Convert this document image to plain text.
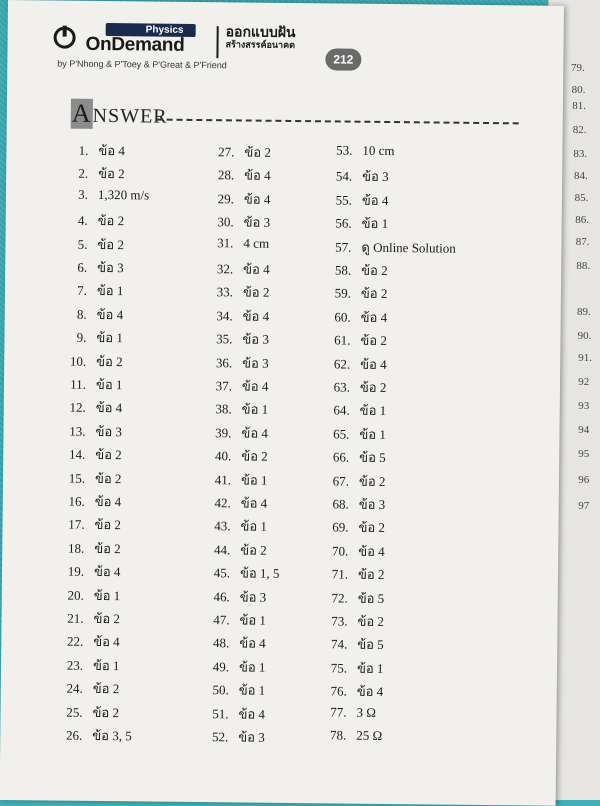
79.
80.
81.
82.
83.
84.
85.
86.
87.
88.
89.
90.
91.
92
93
94
95
96
97
Physics
OnDemand
ออกแบบฝัน
สร้างสรรค์อนาคต
by P'Nhong & P'Toey & P'Great & P'Friend	212
ANSWER
1. ข้อ 4
2. ข้อ 2
3. 1,320 m/s
4. ข้อ 2
5. ข้อ 2
6. ข้อ 3
7. ข้อ 1
8. ข้อ 4
9. ข้อ 1
10. ข้อ 2
11. ข้อ 1
12. ข้อ 4
13. ข้อ 3
14. ข้อ 2
15. ข้อ 2
16. ข้อ 4
17. ข้อ 2
18. ข้อ 2
19. ข้อ 4
20. ข้อ 1
21. ข้อ 2
22. ข้อ 4
23. ข้อ 1
24. ข้อ 2
25. ข้อ 2
26. ข้อ 3, 5
27. ข้อ 2
28. ข้อ 4
29. ข้อ 4
30. ข้อ 3
31. 4 cm
32. ข้อ 4
33. ข้อ 2
34. ข้อ 4
35. ข้อ 3
36. ข้อ 3
37. ข้อ 4
38. ข้อ 1
39. ข้อ 4
40. ข้อ 2
41. ข้อ 1
42. ข้อ 4
43. ข้อ 1
44. ข้อ 2
45. ข้อ 1, 5
46. ข้อ 3
47. ข้อ 1
48. ข้อ 4
49. ข้อ 1
50. ข้อ 1
51. ข้อ 4
52. ข้อ 3
53. 10 cm
54. ข้อ 3
55. ข้อ 4
56. ข้อ 1
57. ดู Online Solution
58. ข้อ 2
59. ข้อ 2
60. ข้อ 4
61. ข้อ 2
62. ข้อ 4
63. ข้อ 2
64. ข้อ 1
65. ข้อ 1
66. ข้อ 5
67. ข้อ 2
68. ข้อ 3
69. ข้อ 2
70. ข้อ 4
71. ข้อ 2
72. ข้อ 5
73. ข้อ 2
74. ข้อ 5
75. ข้อ 1
76. ข้อ 4
77. 3 Ω
78. 25 Ω
